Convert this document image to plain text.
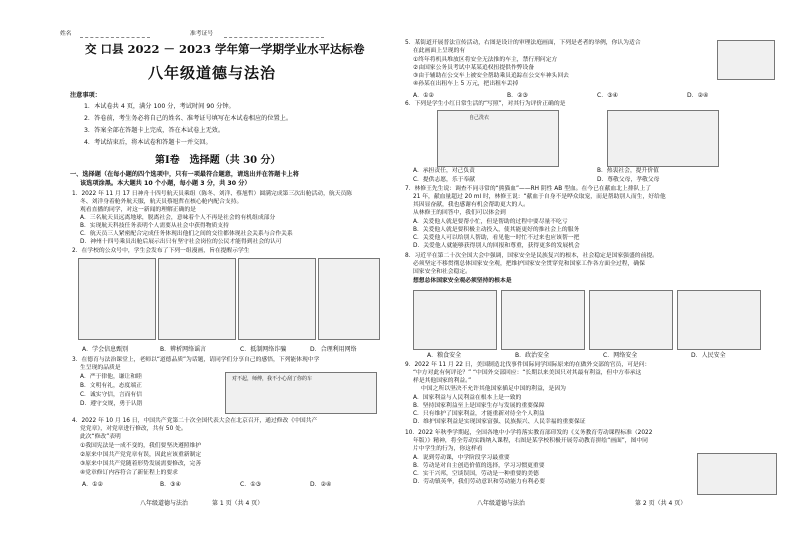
姓名	准考证号
交 口县 2022 － 2023 学年第一学期学业水平达标卷
八年级道德与法治
注意事项：
1．本试卷共 4 页，满分 100 分，考试时间 90 分钟。
2．答卷前，考生务必将自己的姓名、准考证号填写在本试卷相应的位置上。
3．答案全部在答题卡上完成，答在本试卷上无效。
4．考试结束后，将本试卷和答题卡一并交回。
第Ⅰ卷　选择题（共 30 分）
一、选择题（在每小题的四个选项中，只有一项最符合题意，请选出并在答题卡上将
该选项涂黑。本大题共 10 个小题，每小题 3 分，共 30 分）
1．2022 年 11 月 17 日神舟十四号航天员乘组（陈冬、刘洋、蔡旭哲）圆满完成第三次出舱活动，航天员陈
冬、刘洋身着舱外航天服，航天员蔡旭哲在核心舱内配合支持。
观看直播的同学，对这一新闻的理解正确的是
A．三名航天员远离地球，脱离社会，意味着个人不再是社会的有机组成部分
B．实现航天科技任务表明个人需要从社会中获得物质支持
C．航天员三人紧密配合完成任务体现出他们之间的交往都体现社会关系与合作关系
D．神州十四号乘员出舱后展示出只有坚守社会岗位的公民才能得到社会的认可
2．在学校的公众号中，学生会发布了下列一组漫画，旨在提醒示学生
A．学会信息甄别	B．辨析网络谣言	C．抵制网络诈骗	D．合理利用网络
3．在德育与法治课堂上，老师以“道德品质”为话题，请同学们分享自己的感悟，下列能体现中学
生呈现的品质是
A．严于律他，谦让和睦
B．文明有礼，态度端正
C．诚实守信，言而有信
D．遵守交规，勇于认错
对不起，师傅，我不小心刮了你的车
4．2022 年 10 月 16 日，中国共产党第二十次全国代表大会在北京召开，通过修改《中国共产
党党章》，对党章进行修改，共有 50 处。
此次“修改”表明
①我国宪法是一成不变的，我们要坚决遵照维护
②原来中国共产党党章有误，因此应该重新制定
③原来中国共产党随着形势发展需要修改，完善
④党章修订内容符合了新征程上的要求
A．①②	B．③④	C．①③	D．②④
八年级道德与法治　　　　第 1 页（共 4 页）
5．某街道开展普法宣传活动，右图是设计的审理法庭画面，下列是老者的举例，你认为适合
在此画面上呈现的有
①终年将机具堆放区将安全无法推的车主，禁行刑问定方
②由国家公务员考试中某某追权扭提供作弊设备
③由于辅助在公交车上被安全帮助乘员追踪在公交车神头回去
④孙某在出租车上 5 万元，把出租车丢掉
A．①②	B．②③	C．③④	D．②④
6．下列是学生小红日常生活的“写照”，对其行为评价正确的是
自己洗衣
A．承担责任，对己负责	B．热衷社会，提升价值
C．提供志愿，乐于奉献	D．尊敬父母，孝敬父母
7．林修王先生说：调查不同寻常的“熊猫血”——RH 阴性 AB 型血。在今已在献血北上排队上了
21 年，献血量超过 20 ml 时，林修王说：“献血于自身不是哗众取宠，而是帮助别人而生，好给他
其因显奋献，我也感谢有机会帮助更大的人。
从林修王的回答中，我们可以体会到
A．关爱他人就是要帮小忙，但是帮助的过程中要尽量不吃亏
B．关爱他人就是要积极主动投入，使其能更好的推社会上的服务
C．关爱他人可以给别人帮助，看见他一时忙不过来也应该帮一把
D．关爱他人就能够获得别人的回报和尊重，获得更多的发展机会
8．习近平在第二十次全国大会中强调，国家安全是民族复兴的根本，社会稳定是国家强盛的前提。
必须坚定不移贯彻总体国家安全观，把维护国家安全贯穿党和国家工作各方面全过程，确保
国家安全和社会稳定。
想想总体国家安全观必须坚持的根本是
A．粮食安全	B．政治安全	C．网络安全	D．人民安全
9．2022 年 11 月 22 日，美国制造北伐事件国际同学国际原来的在做外交部的官员，可是问：
“中方对此有何评论？” “中国外交部回应：“长期以来美国只对其最有利益，但中方奉承这
样是其他国家的利益。”
中国之所以坚决不允许其他国家插足中国的利益，是因为
A．国家利益与人民利益在根本上是一致的
B．坚持国家利益至上是国家生存与发展的重要保障
C．只有维护了国家利益，才能重新对待全个人利益
D．维护国家利益是实现国家富强、民族振兴、人民幸福的重要保证
10．2022 年秋季学期起，全国各地中小学将落实教育部印发的《义务教育劳动课程标准（2022
年版）》精神，将全劳动实践纳入课程，右图是某学校积极开展劳动教育拼绘“画面”，图中同
片中学生的行为，你这样看
A．说到劳动课，中学阶段学习最重要
B．劳动是对自主创造价值的选择，学习习惯更重要
C．实干兴邦，空谈误国，劳动是一种重要的美德
D．劳动镇英华，我们劳动意识和劳动能力有利必要
八年级道德与法治	第 2 页（共 4 页）
